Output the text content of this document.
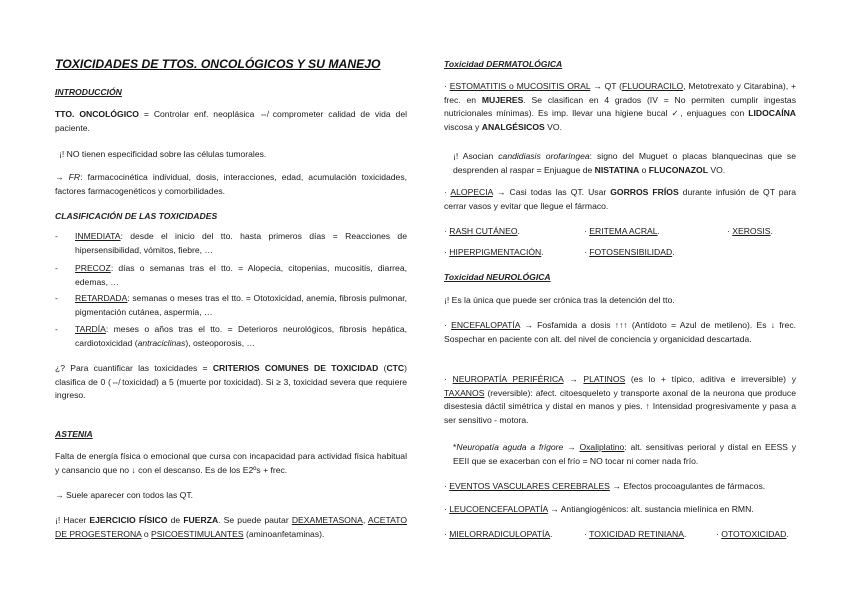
TOXICIDADES DE TTOS. ONCOLÓGICOS Y SU MANEJO
INTRODUCCIÓN
TTO. ONCOLÓGICO = Controlar enf. neoplásica ⇎ comprometer calidad de vida del paciente.
¡! NO tienen especificidad sobre las células tumorales.
→ FR: farmacocinética individual, dosis, interacciones, edad, acumulación toxicidades, factores farmacogenéticos y comorbilidades.
CLASIFICACIÓN DE LAS TOXICIDADES
- INMEDIATA: desde el inicio del tto. hasta primeros días = Reacciones de hipersensibilidad, vómitos, fiebre, …
- PRECOZ: días o semanas tras el tto. = Alopecia, citopenias, mucositis, diarrea, edemas, …
- RETARDADA: semanas o meses tras el tto. = Ototoxicidad, anemia, fibrosis pulmonar, pigmentación cutánea, aspermia, …
- TARDÍA: meses o años tras el tto. = Deterioros neurológicos, fibrosis hepática, cardiotoxicidad (antraciclinas), osteoporosis, …
¿? Para cuantificar las toxicidades = CRITERIOS COMUNES DE TOXICIDAD (CTC) clasifica de 0 (⇎ toxicidad) a 5 (muerte por toxicidad). Si ≥ 3, toxicidad severa que requiere ingreso.
ASTENIA
Falta de energía física o emocional que cursa con incapacidad para actividad física habitual y cansancio que no ↓ con el descanso. Es de los E2ºs + frec.
→ Suele aparecer con todos las QT.
¡! Hacer EJERCICIO FÍSICO de FUERZA. Se puede pautar DEXAMETASONA, ACETATO DE PROGESTERONA o PSICOESTIMULANTES (aminoanfetaminas).
Toxicidad DERMATOLÓGICA
· ESTOMATITIS o MUCOSITIS ORAL → QT (FLUOURACILO, Metotrexato y Citarabina), + frec. en MUJERES. Se clasifican en 4 grados (IV = No permiten cumplir ingestas nutricionales mínimas). Es imp. llevar una higiene bucal ✓, enjuagues con LIDOCAÍNA viscosa y ANALGÉSICOS VO.
¡! Asocian candidiasis orofaríngea: signo del Muguet o placas blanquecinas que se desprenden al raspar = Enjuague de NISTATINA o FLUCONAZOL VO.
· ALOPECIA → Casi todas las QT. Usar GORROS FRÍOS durante infusión de QT para cerrar vasos y evitar que llegue el fármaco.
· RASH CUTÁNEO.	· ERITEMA ACRAL.	· XEROSIS.
· HIPERPIGMENTACIÓN.	· FOTOSENSIBILIDAD.
Toxicidad NEUROLÓGICA
¡! Es la única que puede ser crónica tras la detención del tto.
· ENCEFALOPATÍA → Fosfamida a dosis ↑↑↑ (Antídoto = Azul de metileno). Es ↓ frec. Sospechar en paciente con alt. del nivel de conciencia y organicidad descartada.
· NEUROPATÍA PERIFÉRICA → PLATINOS (es lo + típico, aditiva e irreversible) y TAXANOS (reversible): afect. citoesqueleto y transporte axonal de la neurona que produce disestesia dáctil simétrica y distal en manos y pies. ↑ Intensidad progresivamente y pasa a ser sensitivo - motora.
*Neuropatía aguda a frigore → Oxaliplatino: alt. sensitivas perioral y distal en EESS y EEII que se exacerban con el frío = NO tocar ni comer nada frío.
· EVENTOS VASCULARES CEREBRALES → Efectos procoagulantes de fármacos.
· LEUCOENCEFALOPATÍA → Antiangiogénicos: alt. sustancia mielínica en RMN.
· MIELORRADICULOPATÍA.	· TOXICIDAD RETINIANA.	· OTOTOXICIDAD.
